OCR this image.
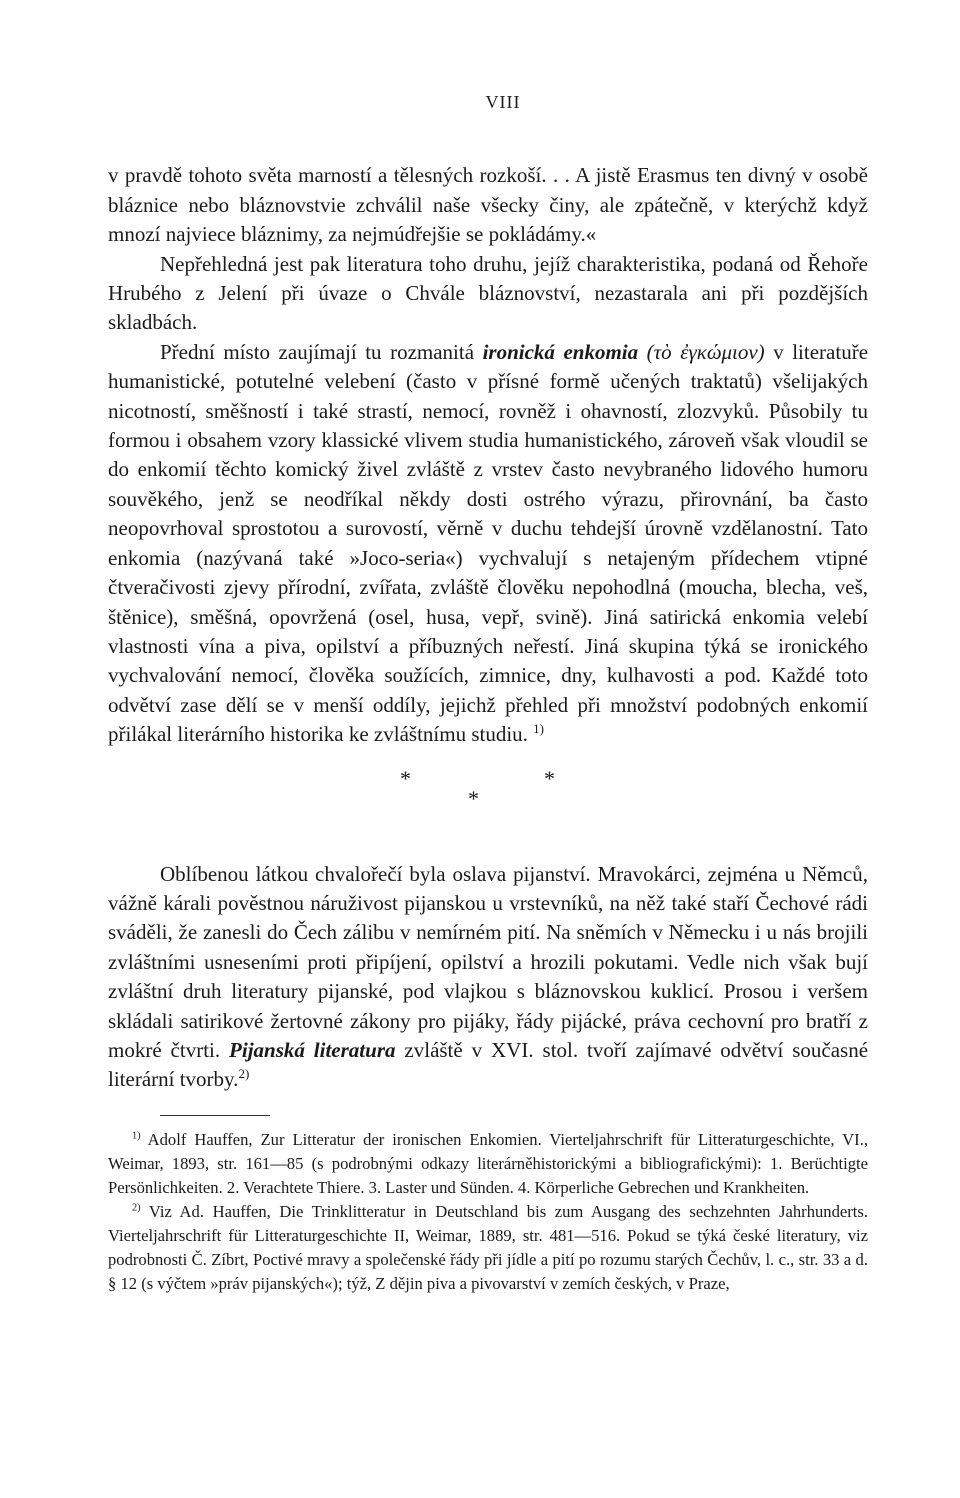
VIII

v pravdě tohoto světa marností a tělesných rozkoší. . . A jistě Erasmus ten divný v osobě bláznice nebo bláznovstvie zchválil naše všecky činy, ale zpátečně, v kterýchž když mnozí najviece bláznimy, za nejmúdřejšie se pokládámy.«

Nepřehledná jest pak literatura toho druhu, jejíž charakteristika, podaná od Řehoře Hrubého z Jelení při úvaze o Chvále bláznovství, nezastarala ani při pozdějších skladbách.

Přední místo zaujímají tu rozmanitá ironická enkomia (τὸ ἐγκώμιον) v literatuře humanistické, potutelné velebení (často v přísné formě učených traktatů) všelijakých nicotností, směšností i také strastí, nemocí, rovněž i ohavností, zlozvyků. Působily tu formou i obsahem vzory klassické vlivem studia humanistického, zároveň však vloudil se do enkomií těchto komický živel zvláště z vrstev často nevybraného lidového humoru souvěkého, jenž se neodříkal někdy dosti ostrého výrazu, přirovnání, ba často neopovrhoval sprostotou a surovostí, věrně v duchu tehdejší úrovně vzdělanostní. Tato enkomia (nazývaná také »Joco-seria«) vychvalují s netajeným přídechem vtipné čtveračivosti zjevy přírodní, zvířata, zvláště člověku nepohodlná (moucha, blecha, veš, štěnice), směšná, opovržená (osel, husa, vepř, svině). Jiná satirická enkomia velebí vlastnosti vína a piva, opilství a příbuzných neřestí. Jiná skupina týká se ironického vychvalování nemocí, člověka soužících, zimnice, dny, kulhavosti a pod. Každé toto odvětví zase dělí se v menší oddíly, jejichž přehled při množství podobných enkomií přilákal literárního historika ke zvláštnímu studiu. $^{1)}$

*
*
*

Oblíbenou látkou chvalořečí byla oslava pijanství. Mravokárci, zejména u Němců, vážně kárali pověstnou náruživost pijanskou u vrstevníků, na něž také staří Čechové rádi sváděli, že zanesli do Čech zálibu v nemírném pití. Na sněmích v Německu i u nás brojili zvláštními usneseními proti připíjení, opilství a hrozili pokutami. Vedle nich však bují zvláštní druh literatury pijanské, pod vlajkou s bláznovskou kuklicí. Prosou i veršem skládali satirikové žertovné zákony pro pijáky, řády pijácké, práva cechovní pro bratří z mokré čtvrti. Pijanská literatura zvláště v XVI. stol. tvoří zajímavé odvětví současné literární tvorby.$^{2)}$

$^{1)}$ Adolf Hauffen, Zur Litteratur der ironischen Enkomien. Vierteljahrschrift für Litteraturgeschichte, VI., Weimar, 1893, str. 161—85 (s podrobnými odkazy literárněhistorickými a bibliografickými): 1. Berüchtigte Persönlichkeiten. 2. Verachtete Thiere. 3. Laster und Sünden. 4. Körperliche Gebrechen und Krankheiten.

$^{2)}$ Viz Ad. Hauffen, Die Trinklitteratur in Deutschland bis zum Ausgang des sechzehnten Jahrhunderts. Vierteljahrschrift für Litteraturgeschichte II, Weimar, 1889, str. 481—516. Pokud se týká české literatury, viz podrobnosti Č. Zíbrt, Poctivé mravy a společenské řády při jídle a pití po rozumu starých Čechův, l. c., str. 33 a d. § 12 (s výčtem »práv pijanských«); týž, Z dějin piva a pivovarství v zemích českých, v Praze,
